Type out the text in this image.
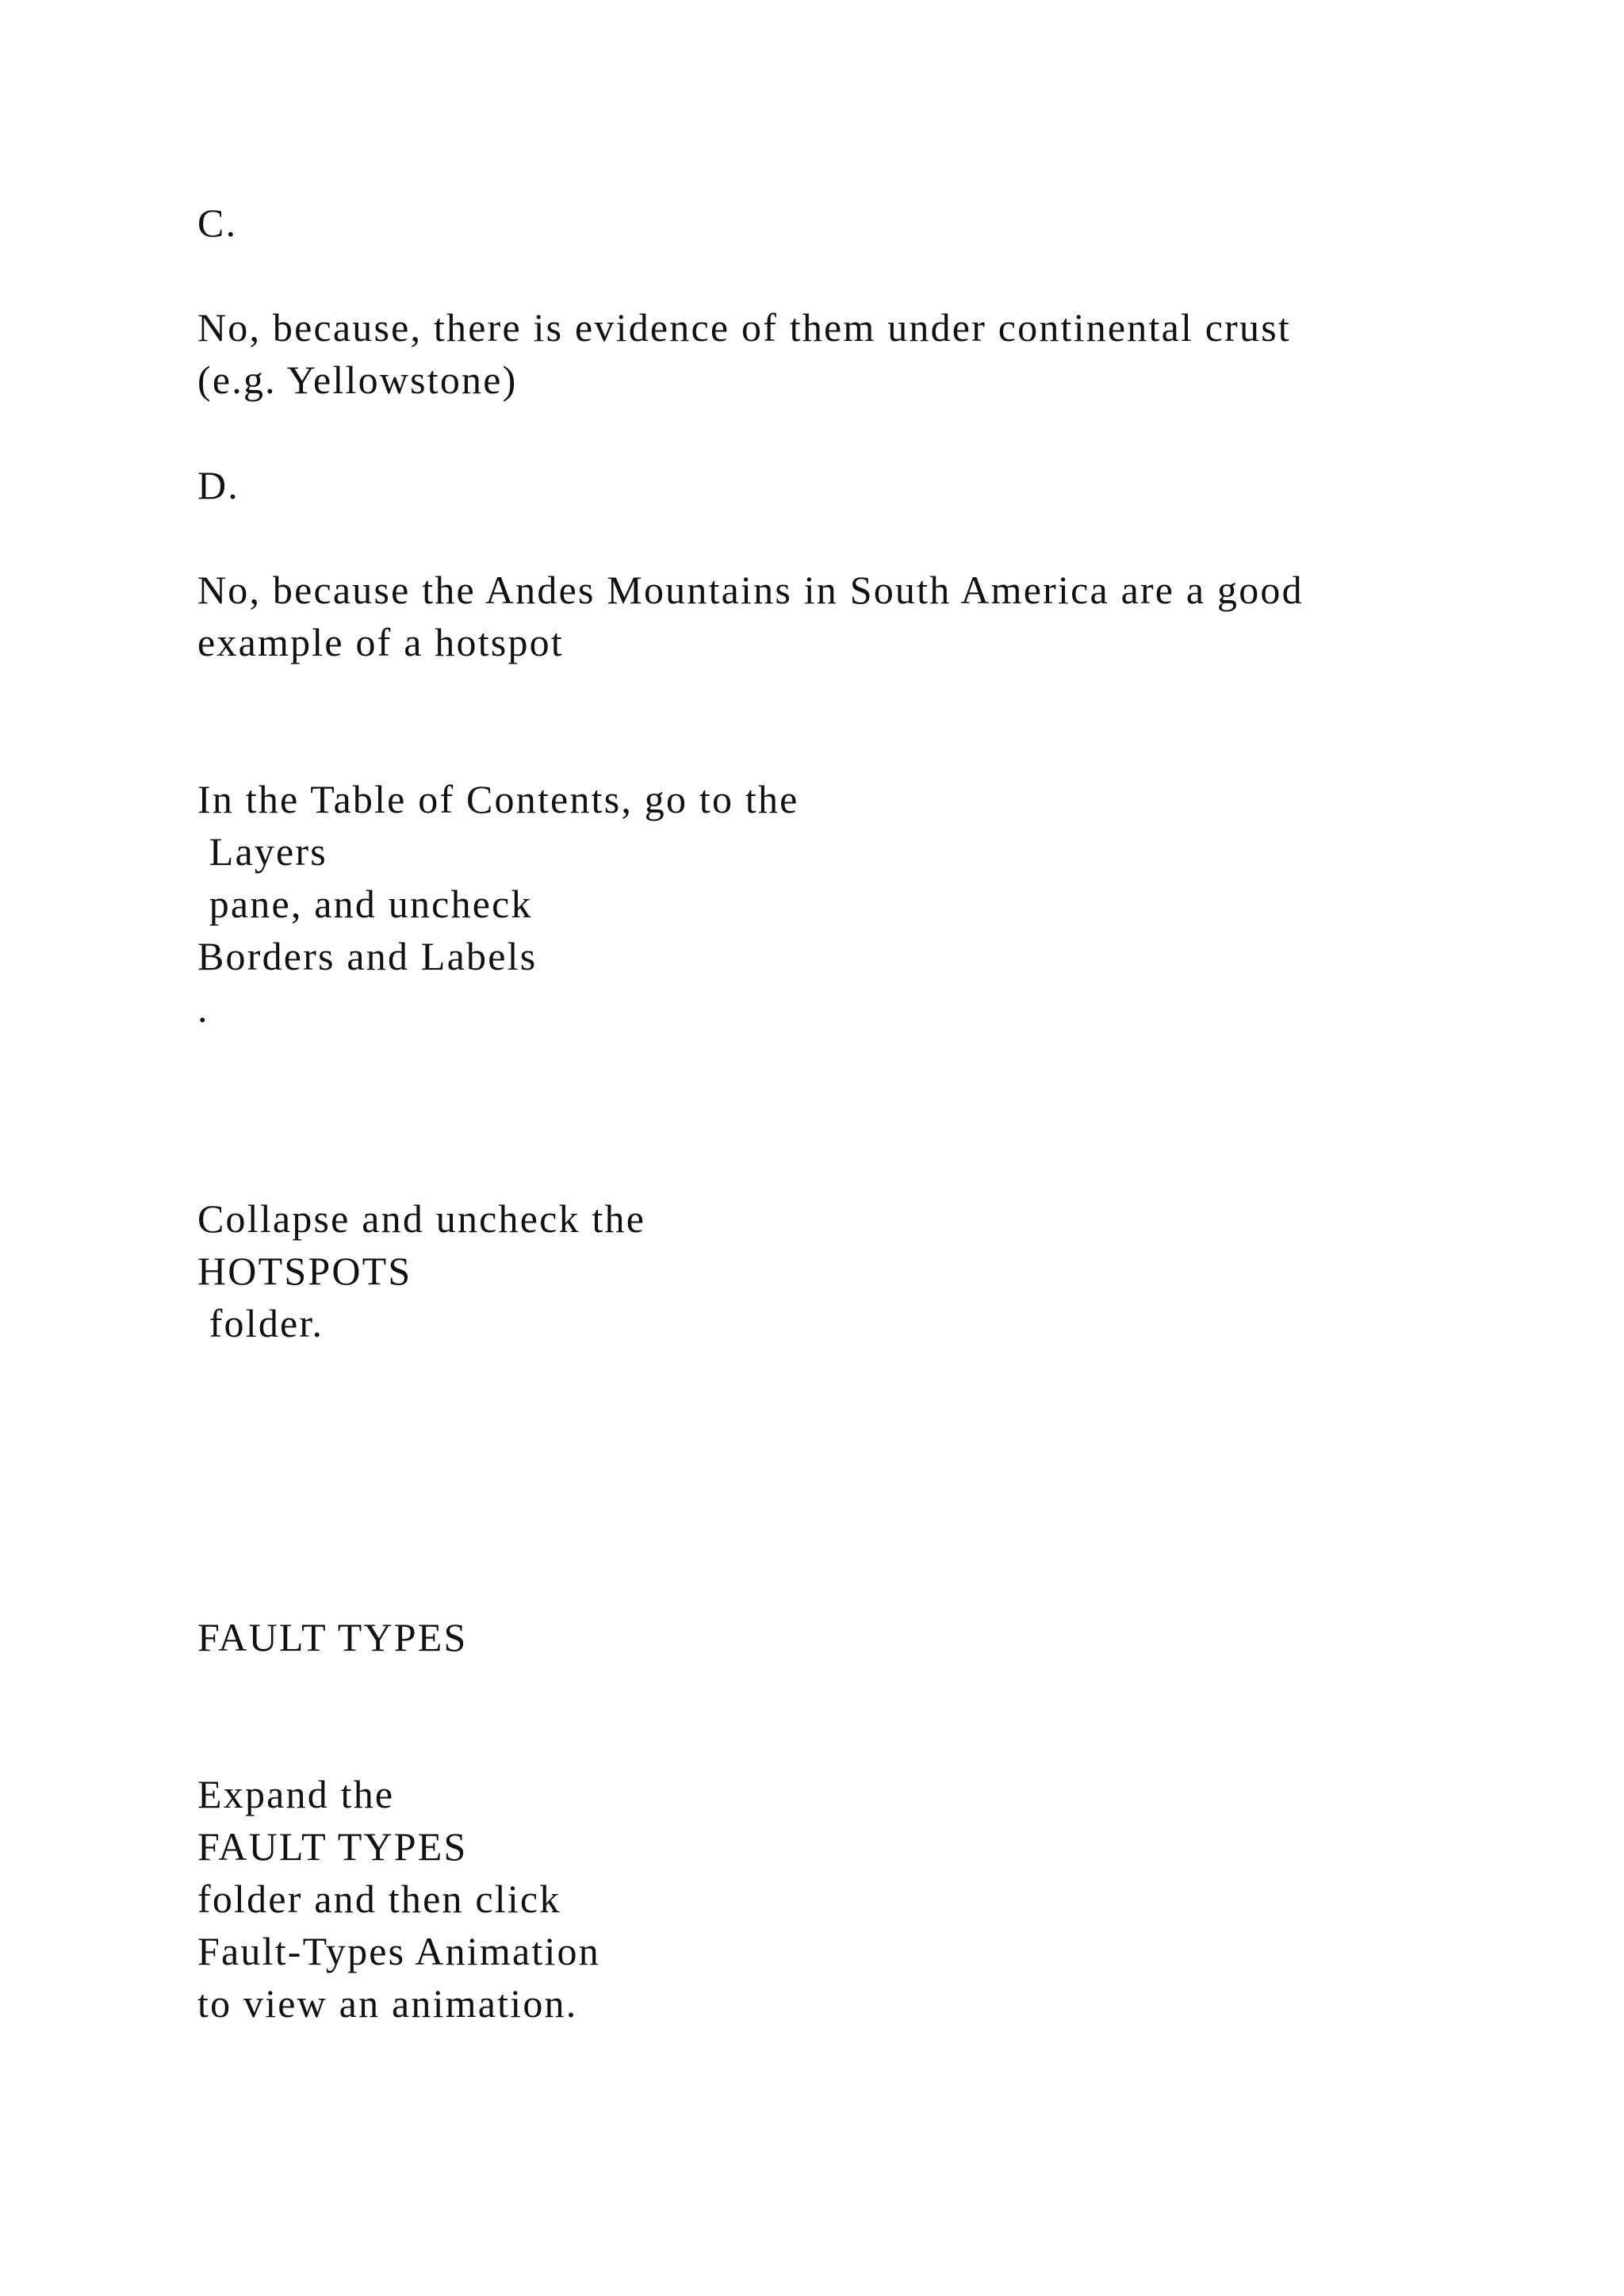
C.

No, because, there is evidence of them under continental crust

(e.g. Yellowstone)

D.

No, because the Andes Mountains in South America are a good

example of a hotspot

In the Table of Contents, go to the

Layers

pane, and uncheck

Borders and Labels

.

Collapse and uncheck the

HOTSPOTS

folder.

FAULT TYPES

Expand the

FAULT TYPES

folder and then click

Fault-Types Animation

to view an animation.
